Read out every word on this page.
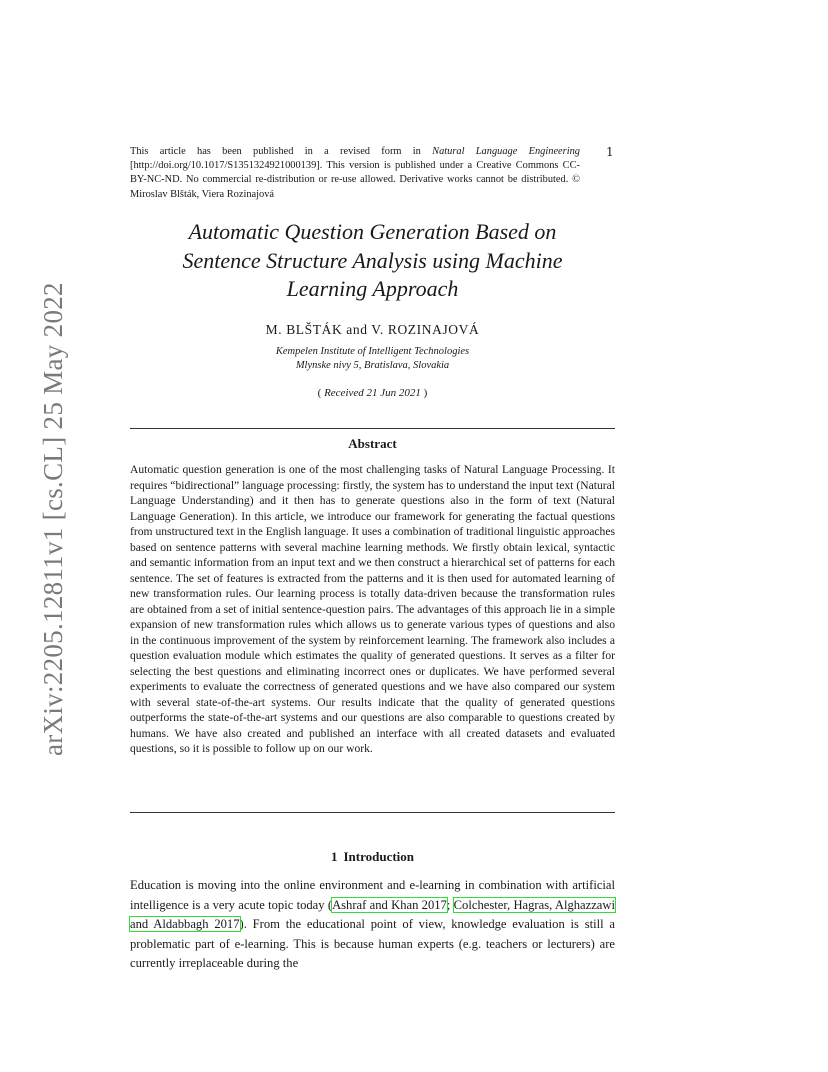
arXiv:2205.12811v1 [cs.CL] 25 May 2022
1
This article has been published in a revised form in Natural Language Engineering [http://doi.org/10.1017/S1351324921000139]. This version is published under a Creative Commons CC-BY-NC-ND. No commercial re-distribution or re-use allowed. Derivative works cannot be distributed. © Miroslav Blšták, Viera Rozinajová
Automatic Question Generation Based on
Sentence Structure Analysis using Machine
Learning Approach
M. BLŠTÁK and V. ROZINAJOVÁ
Kempelen Institute of Intelligent Technologies
Mlynske nivy 5, Bratislava, Slovakia
( Received 21 Jun 2021 )
Abstract
Automatic question generation is one of the most challenging tasks of Natural Language Processing. It requires “bidirectional” language processing: firstly, the system has to understand the input text (Natural Language Understanding) and it then has to generate questions also in the form of text (Natural Language Generation). In this article, we introduce our framework for generating the factual questions from unstructured text in the English language. It uses a combination of traditional linguistic approaches based on sentence patterns with several machine learning methods. We firstly obtain lexical, syntactic and semantic information from an input text and we then construct a hierarchical set of patterns for each sentence. The set of features is extracted from the patterns and it is then used for automated learning of new transformation rules. Our learning process is totally data-driven because the transformation rules are obtained from a set of initial sentence-question pairs. The advantages of this approach lie in a simple expansion of new transformation rules which allows us to generate various types of questions and also in the continuous improvement of the system by reinforcement learning. The framework also includes a question evaluation module which estimates the quality of generated questions. It serves as a filter for selecting the best questions and eliminating incorrect ones or duplicates. We have performed several experiments to evaluate the correctness of generated questions and we have also compared our system with several state-of-the-art systems. Our results indicate that the quality of generated questions outperforms the state-of-the-art systems and our questions are also comparable to questions created by humans. We have also created and published an interface with all created datasets and evaluated questions, so it is possible to follow up on our work.
1 Introduction
Education is moving into the online environment and e-learning in combination with artificial intelligence is a very acute topic today (Ashraf and Khan 2017; Colchester, Hagras, Alghazzawi and Aldabbagh 2017). From the educational point of view, knowledge evaluation is still a problematic part of e-learning. This is because human experts (e.g. teachers or lecturers) are currently irreplaceable during the
